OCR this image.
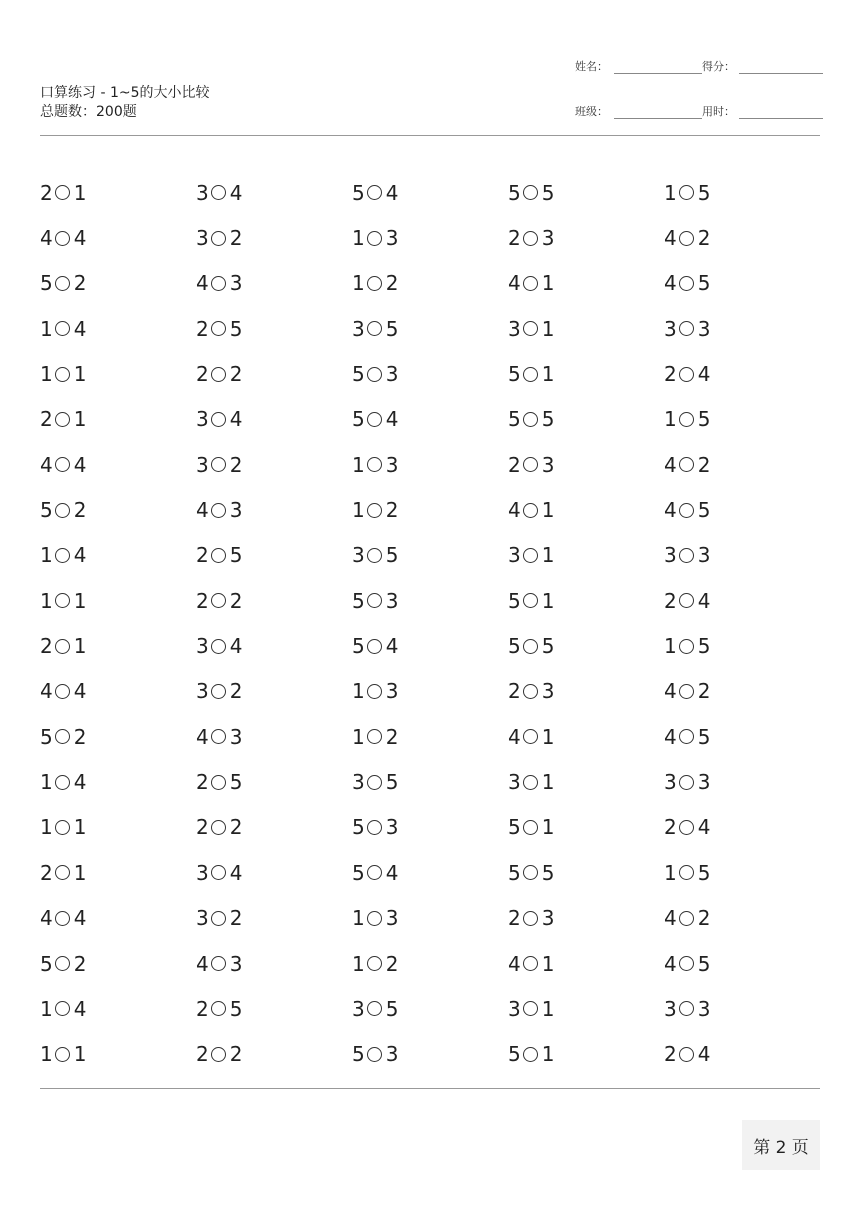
口算练习 - 1~5的大小比较
总题数：200题
姓名：	得分：
班级：	用时：
2 1	3 4	5 4	5 5	1 5
4 4	3 2	1 3	2 3	4 2
5 2	4 3	1 2	4 1	4 5
1 4	2 5	3 5	3 1	3 3
1 1	2 2	5 3	5 1	2 4
2 1	3 4	5 4	5 5	1 5
4 4	3 2	1 3	2 3	4 2
5 2	4 3	1 2	4 1	4 5
1 4	2 5	3 5	3 1	3 3
1 1	2 2	5 3	5 1	2 4
2 1	3 4	5 4	5 5	1 5
4 4	3 2	1 3	2 3	4 2
5 2	4 3	1 2	4 1	4 5
1 4	2 5	3 5	3 1	3 3
1 1	2 2	5 3	5 1	2 4
2 1	3 4	5 4	5 5	1 5
4 4	3 2	1 3	2 3	4 2
5 2	4 3	1 2	4 1	4 5
1 4	2 5	3 5	3 1	3 3
1 1	2 2	5 3	5 1	2 4
第 2 页
